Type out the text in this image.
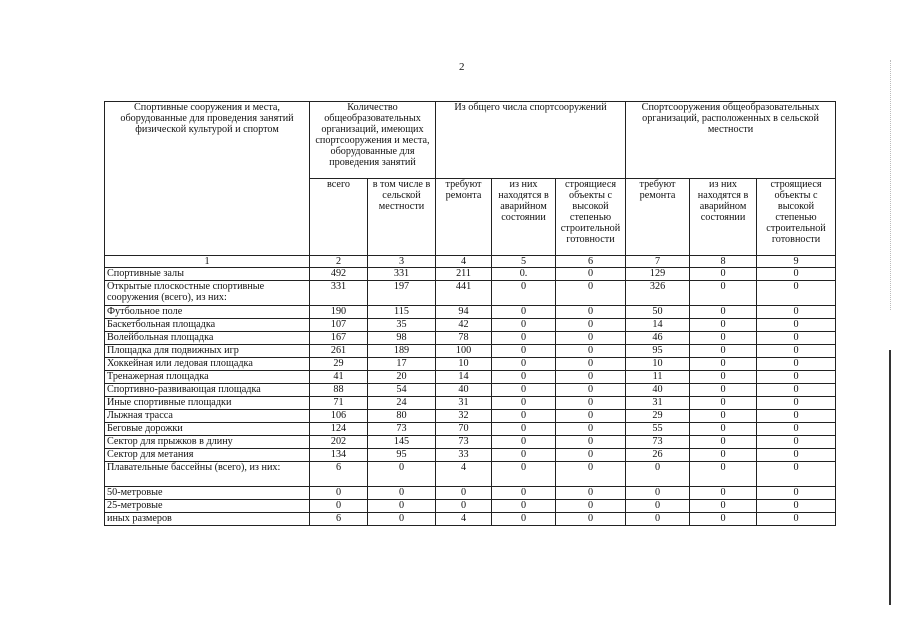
2
Спортивные сооружения и места, оборудованные для проведения занятий физической культурой и спортом	Количество общеобразовательных организаций, имеющих спортсооружения и места, оборудованные для проведения занятий		Из общего числа спортсооружений			Спортсооружения общеобразовательных организаций, расположенных в сельской местности		
	всего	в том числе в сельской местности	требуют ремонта	из них находятся в аварийном состоянии	строящиеся объекты с высокой степенью строительной готовности	требуют ремонта	из них находятся в аварийном состоянии	строящиеся объекты с высокой степенью строительной готовности
1	2	3	4	5	6	7	8	9
Спортивные залы	492	331	211	0.	0	129	0	0
Открытые плоскостные спортивные сооружения (всего), из них:	331	197	441	0	0	326	0	0
Футбольное поле	190	115	94	0	0	50	0	0
Баскетбольная площадка	107	35	42	0	0	14	0	0
Волейбольная площадка	167	98	78	0	0	46	0	0
Площадка для подвижных игр	261	189	100	0	0	95	0	0
Хоккейная или ледовая площадка	29	17	10	0	0	10	0	0
Тренажерная площадка	41	20	14	0	0	11	0	0
Спортивно-развивающая площадка	88	54	40	0	0	40	0	0
Иные спортивные площадки	71	24	31	0	0	31	0	0
Лыжная трасса	106	80	32	0	0	29	0	0
Беговые дорожки	124	73	70	0	0	55	0	0
Сектор для прыжков в длину	202	145	73	0	0	73	0	0
Сектор для метания	134	95	33	0	0	26	0	0
Плавательные бассейны (всего), из них:	6	0	4	0	0	0	0	0
50-метровые	0	0	0	0	0	0	0	0
25-метровые	0	0	0	0	0	0	0	0
иных размеров	6	0	4	0	0	0	0	0
